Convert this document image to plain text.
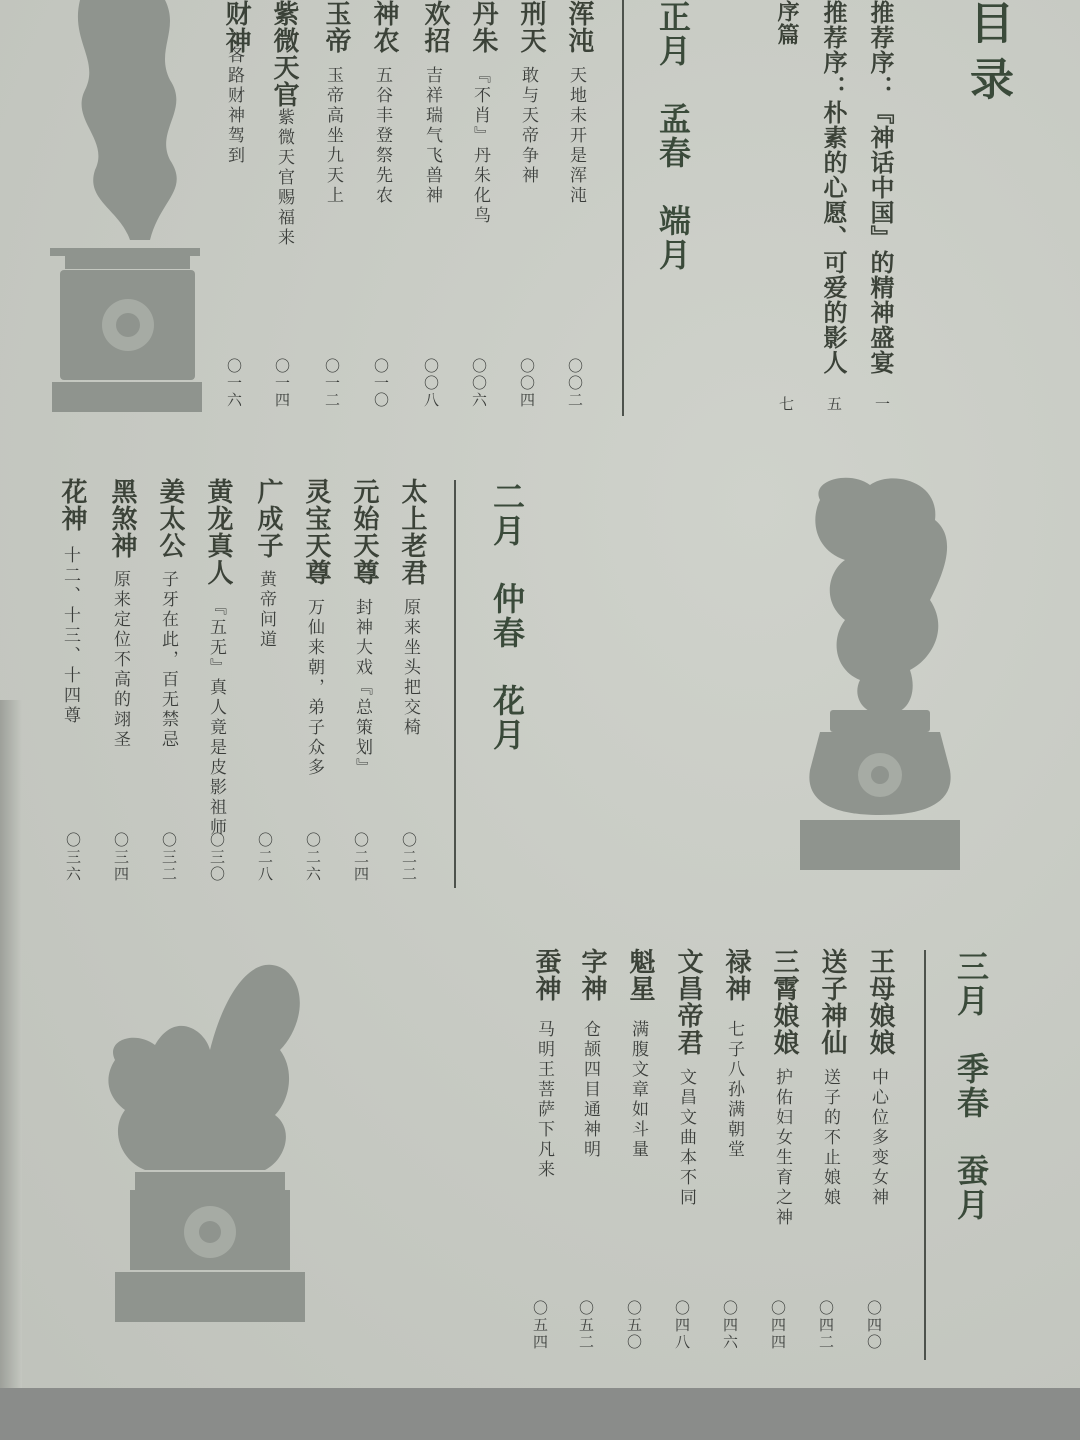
目录
推荐序：『神话中国』的精神盛宴
一
推荐序：朴素的心愿、可爱的影人
五
序篇
七
正月　孟春　端月
浑沌
天地未开是浑沌
〇〇二
刑天
敢与天帝争神
〇〇四
丹朱
『不肖』丹朱化鸟
〇〇六
欢招
吉祥瑞气飞兽神
〇〇八
神农
五谷丰登祭先农
〇一〇
玉帝
玉帝高坐九天上
〇一二
紫微天官
紫微天官赐福来
〇一四
财神
各路财神驾到
〇一六
二月　仲春　花月
太上老君
原来坐头把交椅
〇二二
元始天尊
封神大戏『总策划』
〇二四
灵宝天尊
万仙来朝，弟子众多
〇二六
广成子
黄帝问道
〇二八
黄龙真人
『五无』真人竟是皮影祖师
〇三〇
姜太公
子牙在此，百无禁忌
〇三二
黑煞神
原来定位不高的翊圣
〇三四
花神
十二、十三、十四尊
〇三六
三月　季春　蚕月
王母娘娘
中心位多变女神
〇四〇
送子神仙
送子的不止娘娘
〇四二
三霄娘娘
护佑妇女生育之神
〇四四
禄神
七子八孙满朝堂
〇四六
文昌帝君
文昌文曲本不同
〇四八
魁星
满腹文章如斗量
〇五〇
字神
仓颉四目通神明
〇五二
蚕神
马明王菩萨下凡来
〇五四
